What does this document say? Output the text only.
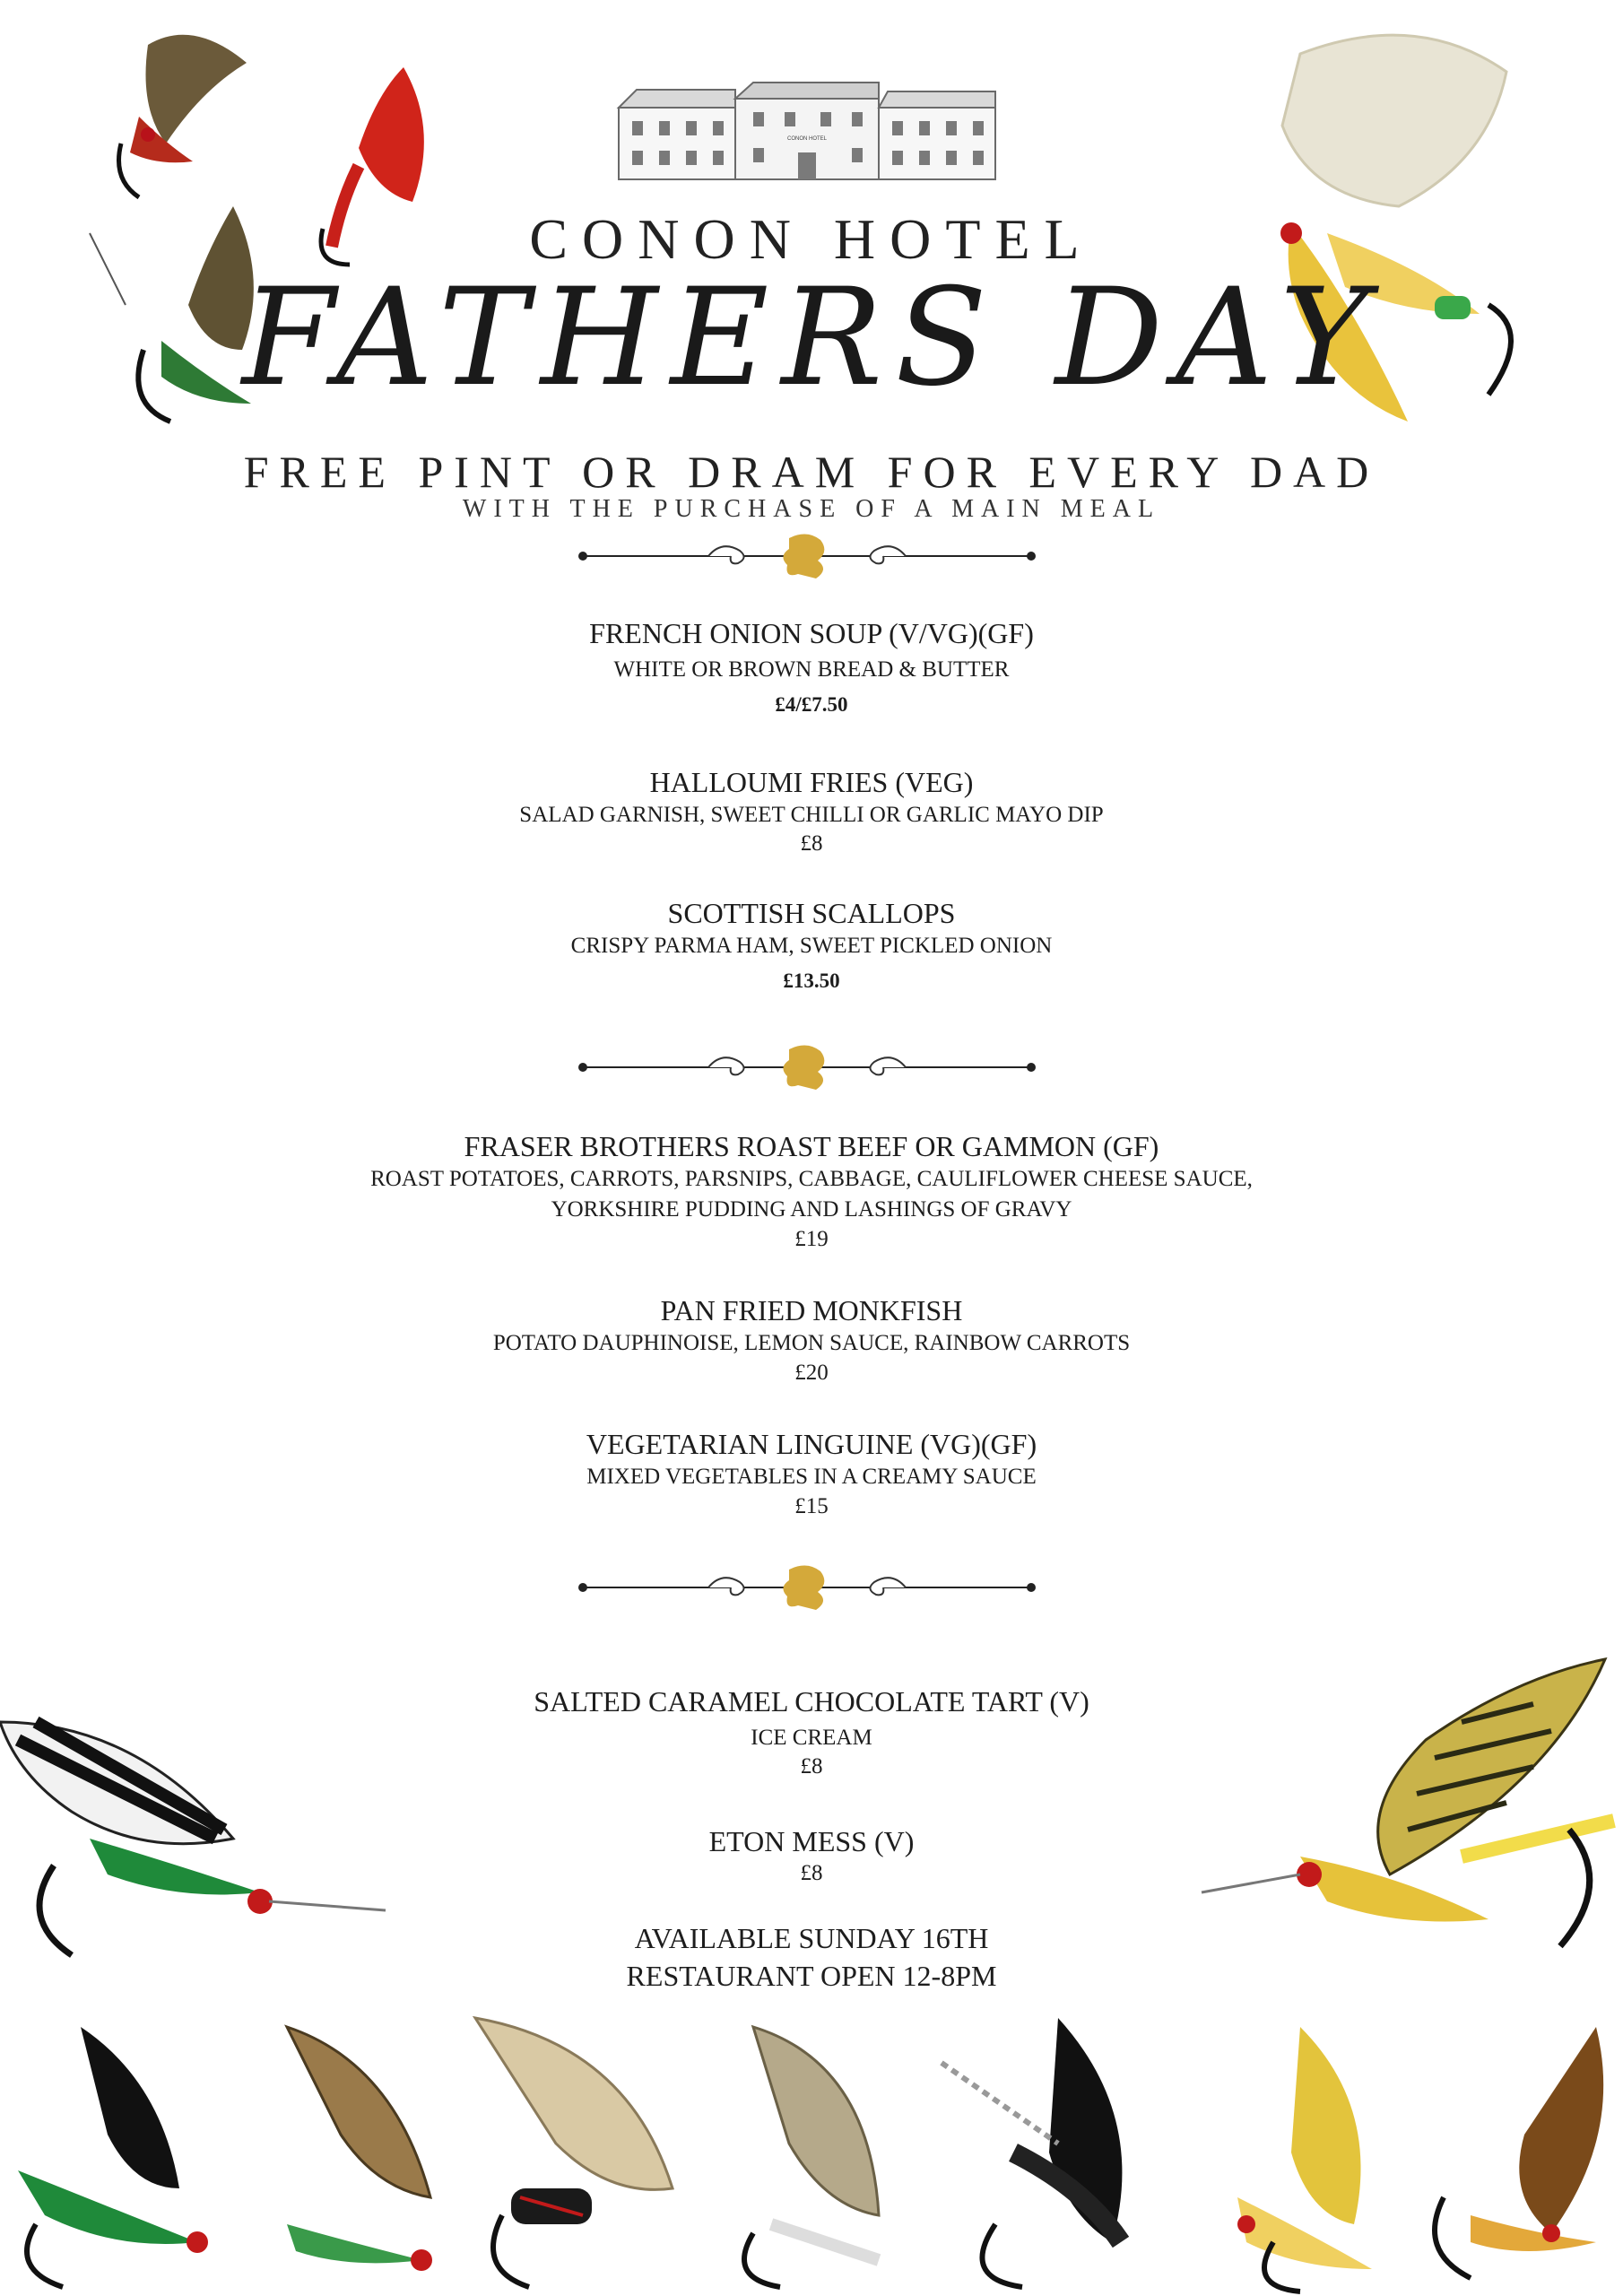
CONON HOTEL
CONON HOTEL
FATHERS DAY
FREE PINT OR DRAM FOR EVERY DAD
WITH THE PURCHASE OF A MAIN MEAL
FRENCH ONION SOUP (V/VG)(GF)
WHITE OR BROWN BREAD & BUTTER
£4/£7.50
HALLOUMI FRIES (VEG)
SALAD GARNISH, SWEET CHILLI OR GARLIC MAYO DIP
£8
SCOTTISH SCALLOPS
CRISPY PARMA HAM, SWEET PICKLED ONION
£13.50
FRASER BROTHERS ROAST BEEF OR GAMMON (GF)
ROAST POTATOES, CARROTS, PARSNIPS, CABBAGE, CAULIFLOWER CHEESE SAUCE,
YORKSHIRE PUDDING AND LASHINGS OF GRAVY
£19
PAN FRIED MONKFISH
POTATO DAUPHINOISE, LEMON SAUCE, RAINBOW CARROTS
£20
VEGETARIAN LINGUINE (VG)(GF)
MIXED VEGETABLES IN A CREAMY SAUCE
£15
SALTED CARAMEL CHOCOLATE TART (V)
ICE CREAM
£8
ETON MESS (V)
£8
AVAILABLE SUNDAY 16TH
RESTAURANT OPEN 12-8PM
